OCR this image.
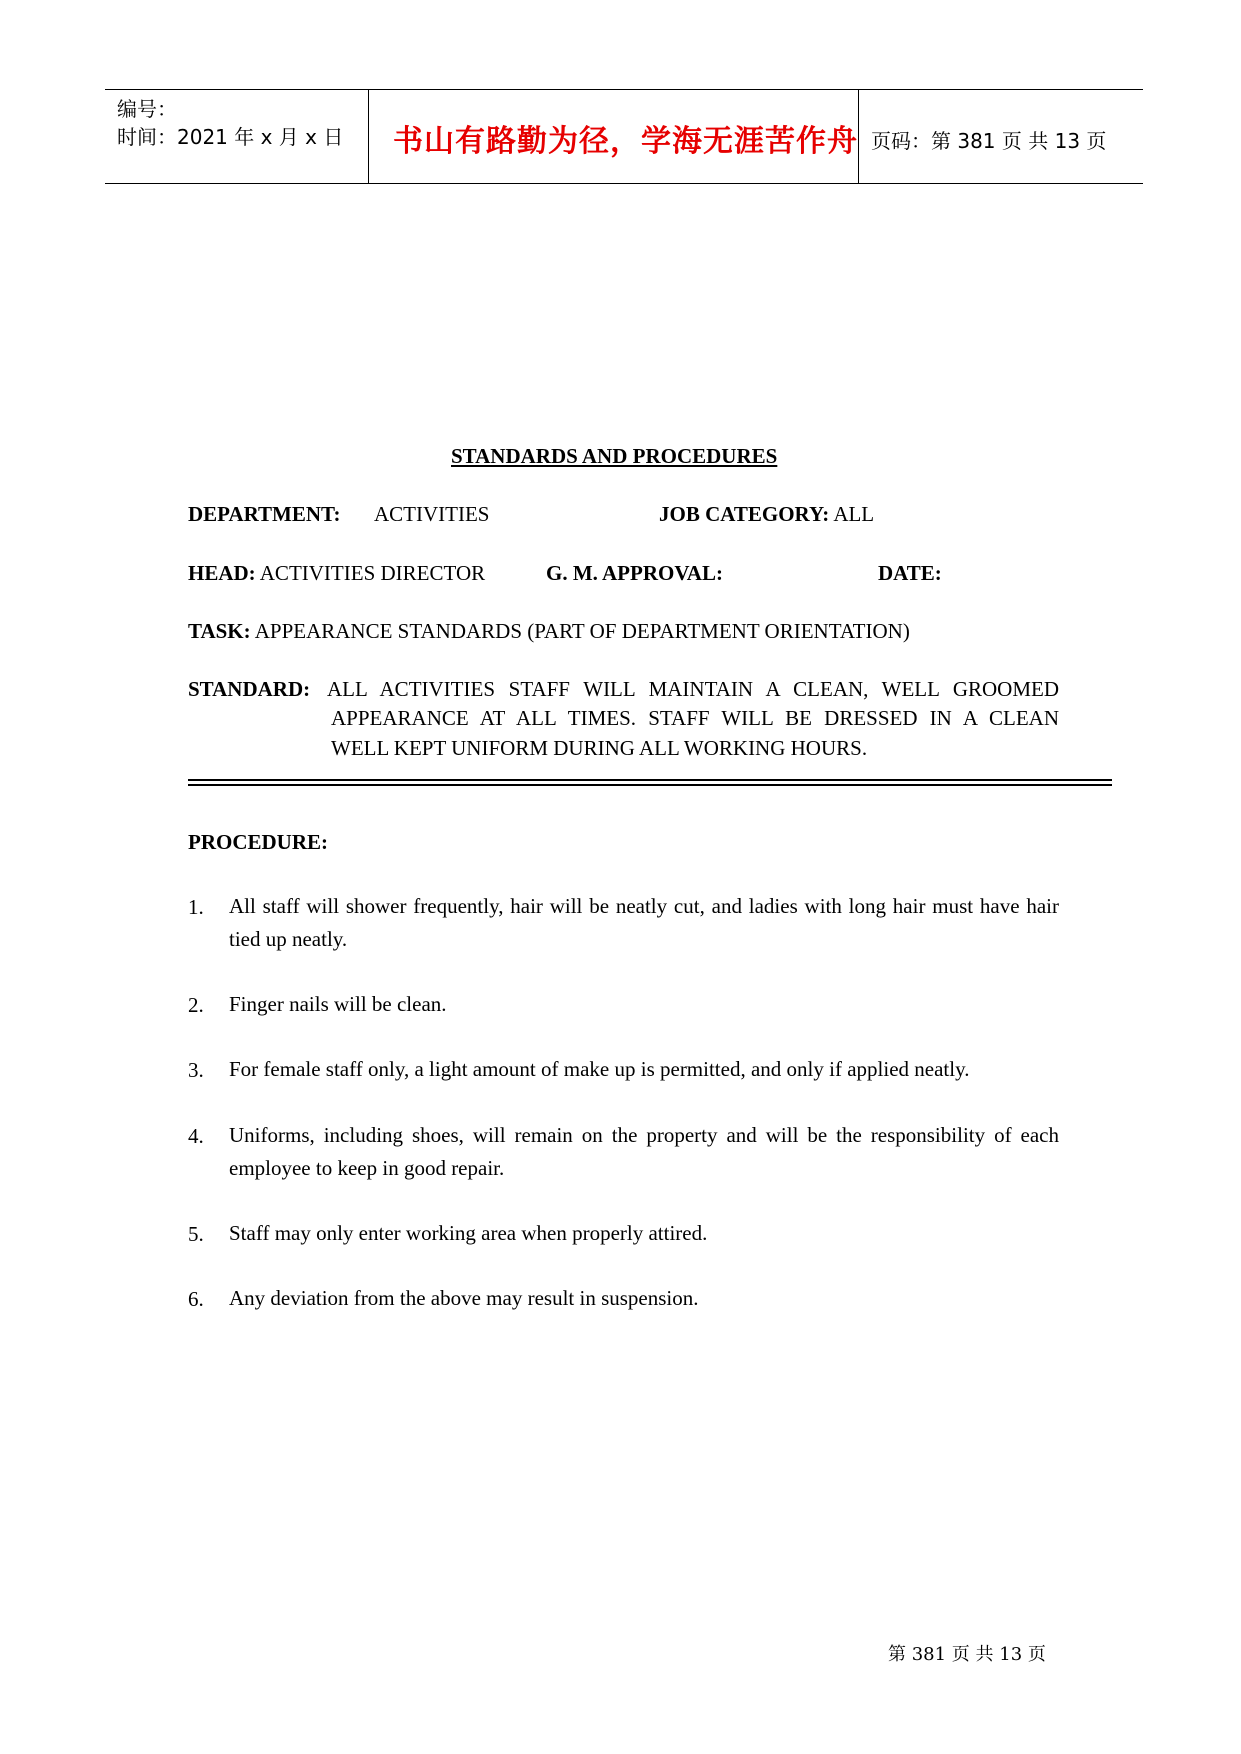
编号：
时间：2021 年 x 月 x 日 书山有路勤为径，学海无涯苦作舟 页码：第 381 页 共 13 页
STANDARDS AND PROCEDURES
DEPARTMENT: ACTIVITIES	JOB CATEGORY: ALL
HEAD: ACTIVITIES DIRECTOR	G. M. APPROVAL:	DATE:
TASK: APPEARANCE STANDARDS (PART OF DEPARTMENT ORIENTATION)
STANDARD: ALL ACTIVITIES STAFF WILL MAINTAIN A CLEAN, WELL GROOMED
APPEARANCE AT ALL TIMES. STAFF WILL BE DRESSED IN A CLEAN
WELL KEPT UNIFORM DURING ALL WORKING HOURS.
PROCEDURE:
1. All staff will shower frequently, hair will be neatly cut, and ladies with long hair must have hair tied up neatly.
2. Finger nails will be clean.
3. For female staff only, a light amount of make up is permitted, and only if applied neatly.
4. Uniforms, including shoes, will remain on the property and will be the responsibility of each employee to keep in good repair.
5. Staff may only enter working area when properly attired.
6. Any deviation from the above may result in suspension.
第 381 页 共 13 页
